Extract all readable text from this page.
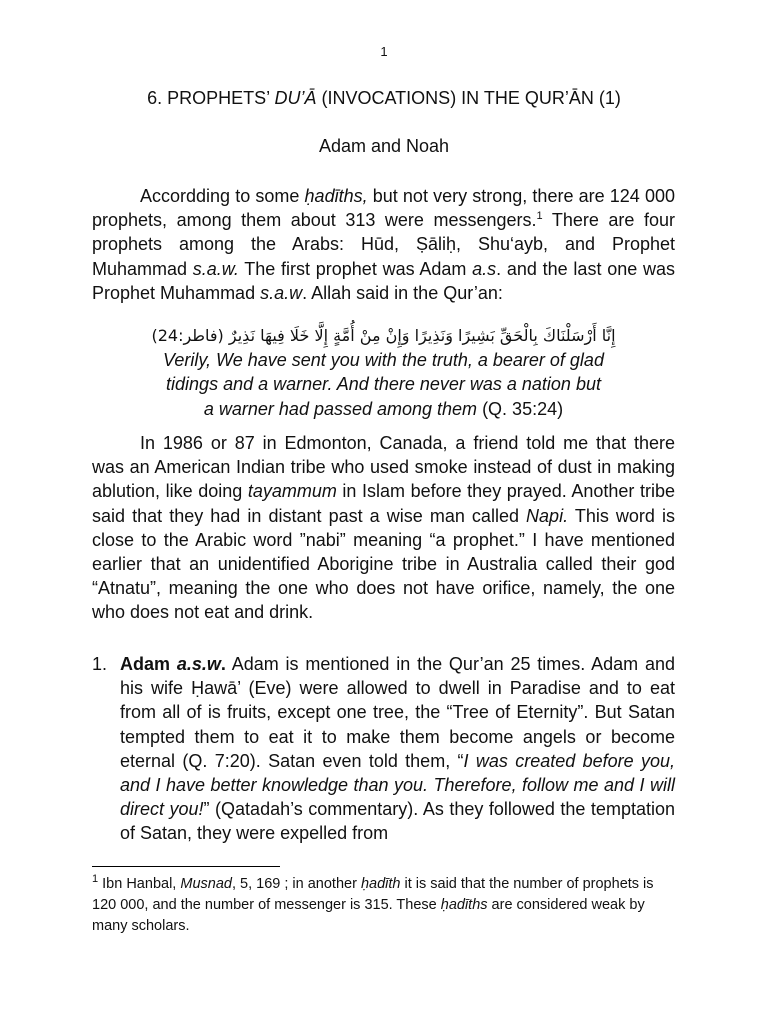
1
6. PROPHETS’ DU’Ā (INVOCATIONS) IN THE QUR’ĀN (1)
Adam and Noah

Accordding to some ḥadīths, but not very strong, there are 124 000 prophets, among them about 313 were messengers.$^1$ There are four prophets among the Arabs: Hūd, Ṣāliḥ, Shu‘ayb, and Prophet Muhammad s.a.w. The first prophet was Adam a.s. and the last one was Prophet Muhammad s.a.w. Allah said in the Qur’an:

إِنَّا أَرْسَلْنَاكَ بِالْحَقِّ بَشِيرًا وَنَذِيرًا وَإِنْ مِنْ أُمَّةٍ إِلَّا خَلَا فِيهَا نَذِيرٌ (فاطر:24)
Verily, We have sent you with the truth, a bearer of glad
tidings and a warner. And there never was a nation but
a warner had passed among them (Q. 35:24)

In 1986 or 87 in Edmonton, Canada, a friend told me that there was an American Indian tribe who used smoke instead of dust in making ablution, like doing tayammum in Islam before they prayed. Another tribe said that they had in distant past a wise man called Napi. This word is close to the Arabic word ”nabi” meaning “a prophet.” I have mentioned earlier that an unidentified Aborigine tribe in Australia called their god “Atnatu”, meaning the one who does not have orifice, namely, the one who does not eat and drink.

1. Adam a.s.w. Adam is mentioned in the Qur’an 25 times. Adam and his wife Ḥawā’ (Eve) were allowed to dwell in Paradise and to eat from all of is fruits, except one tree, the “Tree of Eternity”. But Satan tempted them to eat it to make them become angels or become eternal (Q. 7:20). Satan even told them, “I was created before you, and I have better knowledge than you. Therefore, follow me and I will direct you!” (Qatadah’s commentary). As they followed the temptation of Satan, they were expelled from

$^1$ Ibn Hanbal, Musnad, 5, 169 ; in another ḥadīth it is said that the number of prophets is 120 000, and the number of messenger is 315. These ḥadīths are considered weak by many scholars.
